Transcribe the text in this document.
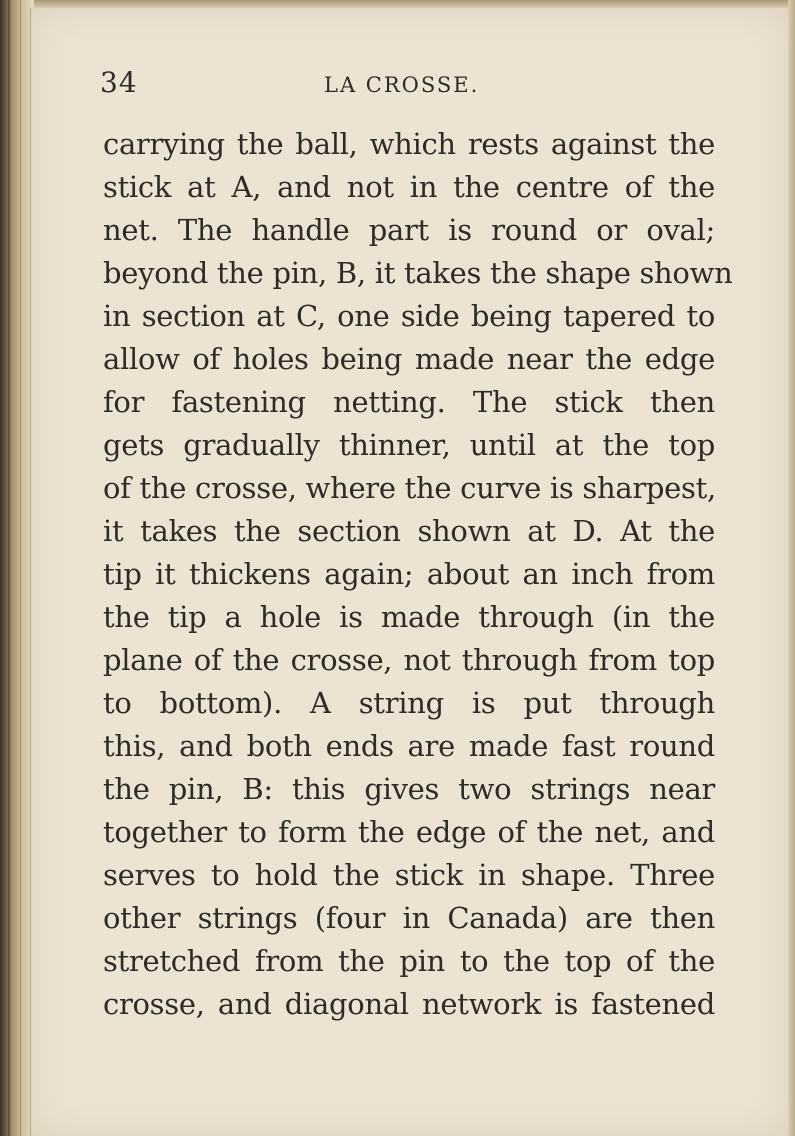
34	LA CROSSE.
carrying the ball, which rests against the
stick at A, and not in the centre of the
net. The handle part is round or oval;
beyond the pin, B, it takes the shape shown
in section at C, one side being tapered to
allow of holes being made near the edge
for fastening netting. The stick then
gets gradually thinner, until at the top
of the crosse, where the curve is sharpest,
it takes the section shown at D. At the
tip it thickens again; about an inch from
the tip a hole is made through (in the
plane of the crosse, not through from top
to bottom). A string is put through
this, and both ends are made fast round
the pin, B: this gives two strings near
together to form the edge of the net, and
serves to hold the stick in shape. Three
other strings (four in Canada) are then
stretched from the pin to the top of the
crosse, and diagonal network is fastened
